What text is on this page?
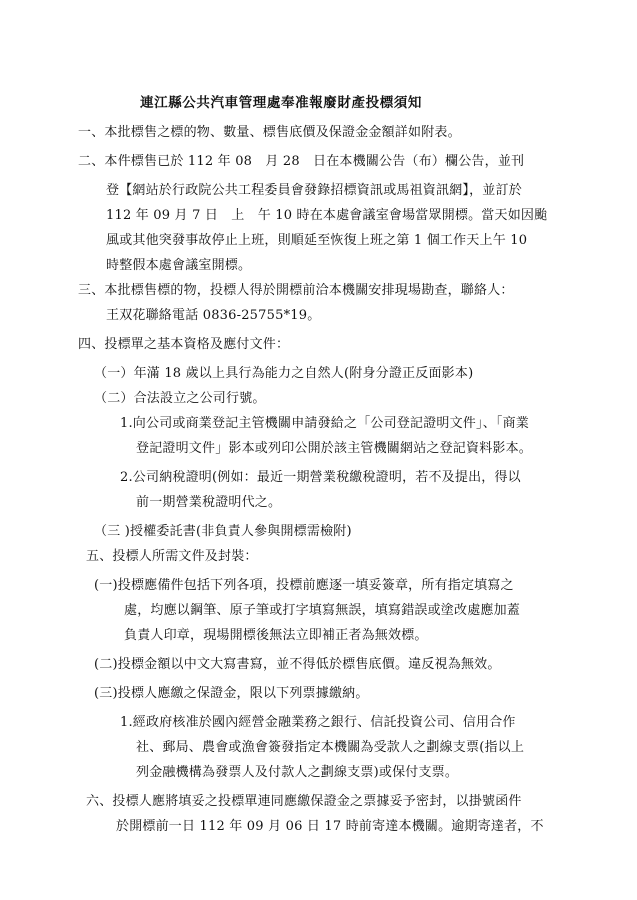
連江縣公共汽車管理處奉准報廢財產投標須知
一、本批標售之標的物、數量、標售底價及保證金金額詳如附表。
二、本件標售已於 112 年 08　月 28　日在本機關公告（布）欄公告，並刊
登【網站於行政院公共工程委員會發錄招標資訊或馬祖資訊網】，並訂於
112 年 09 月 7 日　上　午 10 時在本處會議室會場當眾開標。當天如因颱
風或其他突發事故停止上班，則順延至恢復上班之第 1 個工作天上午 10
時整假本處會議室開標。
三、本批標售標的物，投標人得於開標前洽本機關安排現場勘查，聯絡人：
王双花聯絡電話 0836-25755*19。
四、投標單之基本資格及應付文件：
（一）年滿 18 歲以上具行為能力之自然人(附身分證正反面影本)
（二）合法設立之公司行號。
1.向公司或商業登記主管機關申請發給之「公司登記證明文件」、「商業
登記證明文件」影本或列印公開於該主管機關網站之登記資料影本。
2.公司納稅證明(例如：最近一期營業稅繳稅證明，若不及提出，得以
前一期營業稅證明代之。
（三 )授權委託書(非負責人參與開標需檢附)
五、投標人所需文件及封裝：
(一)投標應備件包括下列各項，投標前應逐一填妥簽章，所有指定填寫之
處，均應以鋼筆、原子筆或打字填寫無誤，填寫錯誤或塗改處應加蓋
負責人印章，現場開標後無法立即補正者為無效標。
(二)投標金額以中文大寫書寫，並不得低於標售底價。違反視為無效。
(三)投標人應繳之保證金，限以下列票據繳納。
1.經政府核准於國內經營金融業務之銀行、信託投資公司、信用合作
社、郵局、農會或漁會簽發指定本機關為受款人之劃線支票(指以上
列金融機構為發票人及付款人之劃線支票)或保付支票。
六、投標人應將填妥之投標單連同應繳保證金之票據妥予密封，以掛號函件
於開標前一日 112 年 09 月 06 日 17 時前寄達本機關。逾期寄達者，不
